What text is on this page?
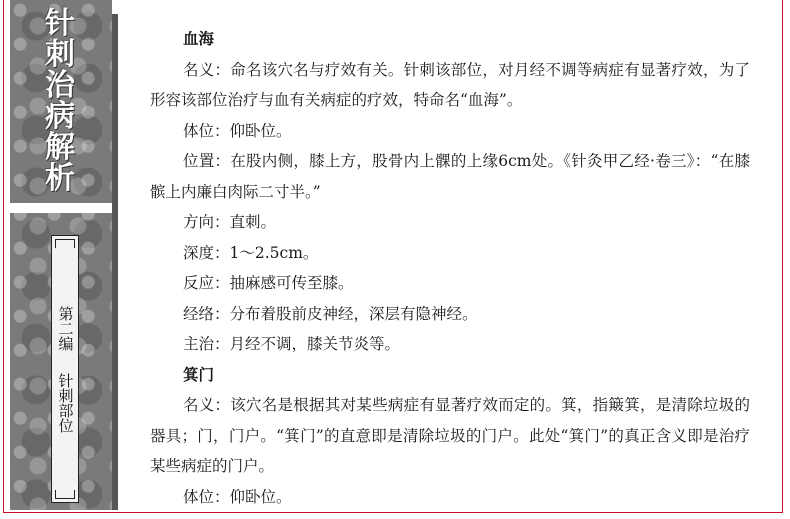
针
刺
治
病
解
析
第二编
针刺部位
血海
名义：命名该穴名与疗效有关。针刺该部位，对月经不调等病症有显著疗效，为了形容该部位治疗与血有关病症的疗效，特命名“血海”。
体位：仰卧位。
位置：在股内侧，膝上方，股骨内上髁的上缘6cm处。《针灸甲乙经·卷三》：“在膝髌上内廉白肉际二寸半。”
方向：直刺。
深度：1～2.5cm。
反应：抽麻感可传至膝。
经络：分布着股前皮神经，深层有隐神经。
主治：月经不调，膝关节炎等。
箕门
名义：该穴名是根据其对某些病症有显著疗效而定的。箕，指簸箕，是清除垃圾的器具；门，门户。“箕门”的直意即是清除垃圾的门户。此处“箕门”的真正含义即是治疗某些病症的门户。
体位：仰卧位。
